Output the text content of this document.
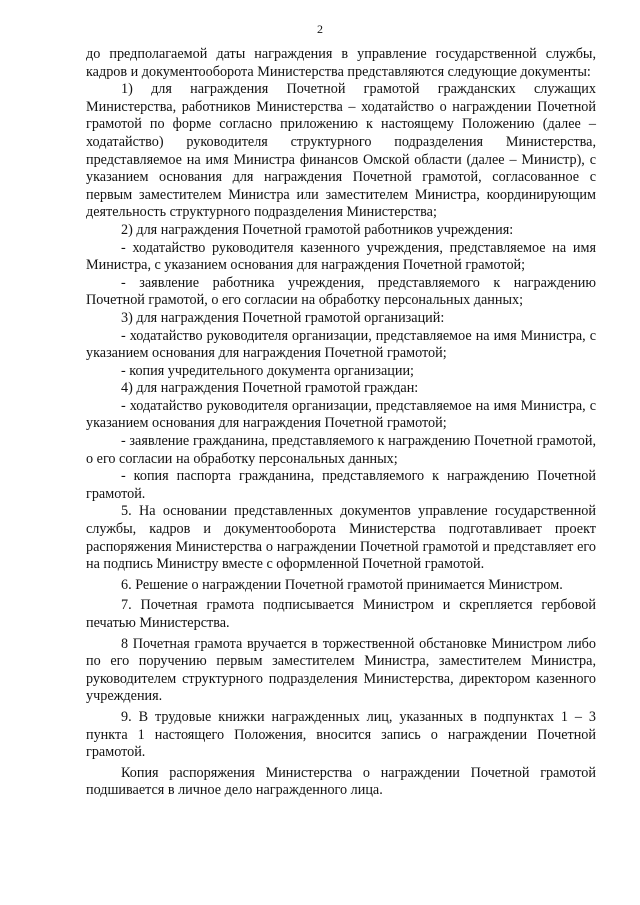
2

до предполагаемой даты награждения в управление государственной службы, кадров и документооборота Министерства представляются следующие документы:

1) для награждения Почетной грамотой гражданских служащих Министерства, работников Министерства – ходатайство о награждении Почетной грамотой по форме согласно приложению к настоящему Положению (далее – ходатайство) руководителя структурного подразделения Министерства, представляемое на имя Министра финансов Омской области (далее – Министр), с указанием основания для награждения Почетной грамотой, согласованное с первым заместителем Министра или заместителем Министра, координирующим деятельность структурного подразделения Министерства;

2) для награждения Почетной грамотой работников учреждения:

- ходатайство руководителя казенного учреждения, представляемое на имя Министра, с указанием основания для награждения Почетной грамотой;

- заявление работника учреждения, представляемого к награждению Почетной грамотой, о его согласии на обработку персональных данных;

3) для награждения Почетной грамотой организаций:

- ходатайство руководителя организации, представляемое на имя Министра, с указанием основания для награждения Почетной грамотой;

- копия учредительного документа организации;

4) для награждения Почетной грамотой граждан:

- ходатайство руководителя организации, представляемое на имя Министра, с указанием основания для награждения Почетной грамотой;

- заявление гражданина, представляемого к награждению Почетной грамотой, о его согласии на обработку персональных данных;

- копия паспорта гражданина, представляемого к награждению Почетной грамотой.

5. На основании представленных документов управление государственной службы, кадров и документооборота Министерства подготавливает проект распоряжения Министерства о награждении Почетной грамотой и представляет его на подпись Министру вместе с оформленной Почетной грамотой.

6. Решение о награждении Почетной грамотой принимается Министром.

7. Почетная грамота подписывается Министром и скрепляется гербовой печатью Министерства.

8 Почетная грамота вручается в торжественной обстановке Министром либо по его поручению первым заместителем Министра, заместителем Министра, руководителем структурного подразделения Министерства, директором казенного учреждения.

9. В трудовые книжки награжденных лиц, указанных в подпунктах 1 – 3 пункта 1 настоящего Положения, вносится запись о награждении Почетной грамотой.

Копия распоряжения Министерства о награждении Почетной грамотой подшивается в личное дело награжденного лица.
